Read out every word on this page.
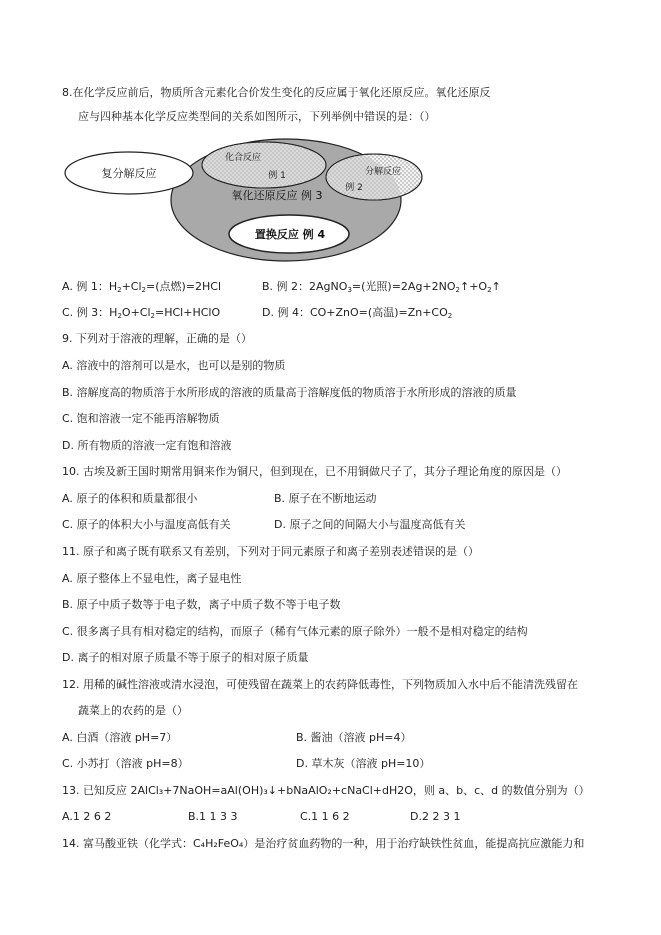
8.在化学反应前后，物质所含元素化合价发生变化的反应属于氧化还原反应。氧化还原反
应与四种基本化学反应类型间的关系如图所示，下列举例中错误的是：（）
复分解反应
化合反应
例 1	分解反应
例 2
氧化还原反应 例 3
置换反应 例 4
A. 例 1：$H_2+Cl_2=$(点燃)=2HCl	B. 例 2：2AgNO$_3$=(光照)$=2Ag+2NO_2↑+O_2↑$
C. 例 3：$H_2O+Cl_2=HCl+HClO$	D. 例 4：CO+ZnO=(高温)$=Zn+CO_2$
9. 下列对于溶液的理解，正确的是（）
A. 溶液中的溶剂可以是水，也可以是别的物质
B. 溶解度高的物质溶于水所形成的溶液的质量高于溶解度低的物质溶于水所形成的溶液的质量
C. 饱和溶液一定不能再溶解物质
D. 所有物质的溶液一定有饱和溶液
10. 古埃及新王国时期常用铜来作为铜尺，但到现在，已不用铜做尺子了，其分子理论角度的原因是（）
A. 原子的体积和质量都很小	B. 原子在不断地运动
C. 原子的体积大小与温度高低有关	D. 原子之间的间隔大小与温度高低有关
11. 原子和离子既有联系又有差别，下列对于同元素原子和离子差别表述错误的是（）
A. 原子整体上不显电性，离子显电性
B. 原子中质子数等于电子数，离子中质子数不等于电子数
C. 很多离子具有相对稳定的结构，而原子（稀有气体元素的原子除外）一般不是相对稳定的结构
D. 离子的相对原子质量不等于原子的相对原子质量
12. 用稀的碱性溶液或清水浸泡，可使残留在蔬菜上的农药降低毒性，下列物质加入水中后不能清洗残留在
蔬菜上的农药的是（）
A. 白酒（溶液 pH=7）	B. 酱油（溶液 pH=4）
C. 小苏打（溶液 pH=8）	D. 草木灰（溶液 pH=10）
13. 已知反应 2AlCl₃+7NaOH=aAl(OH)₃↓+bNaAlO₂+cNaCl+dH2O，则 a、b、c、d 的数值分别为（）
A.1 2 6 2	B.1 1 3 3	C.1 1 6 2	D.2 2 3 1
14. 富马酸亚铁（化学式：C₄H₂FeO₄）是治疗贫血药物的一种，用于治疗缺铁性贫血，能提高抗应激能力和
